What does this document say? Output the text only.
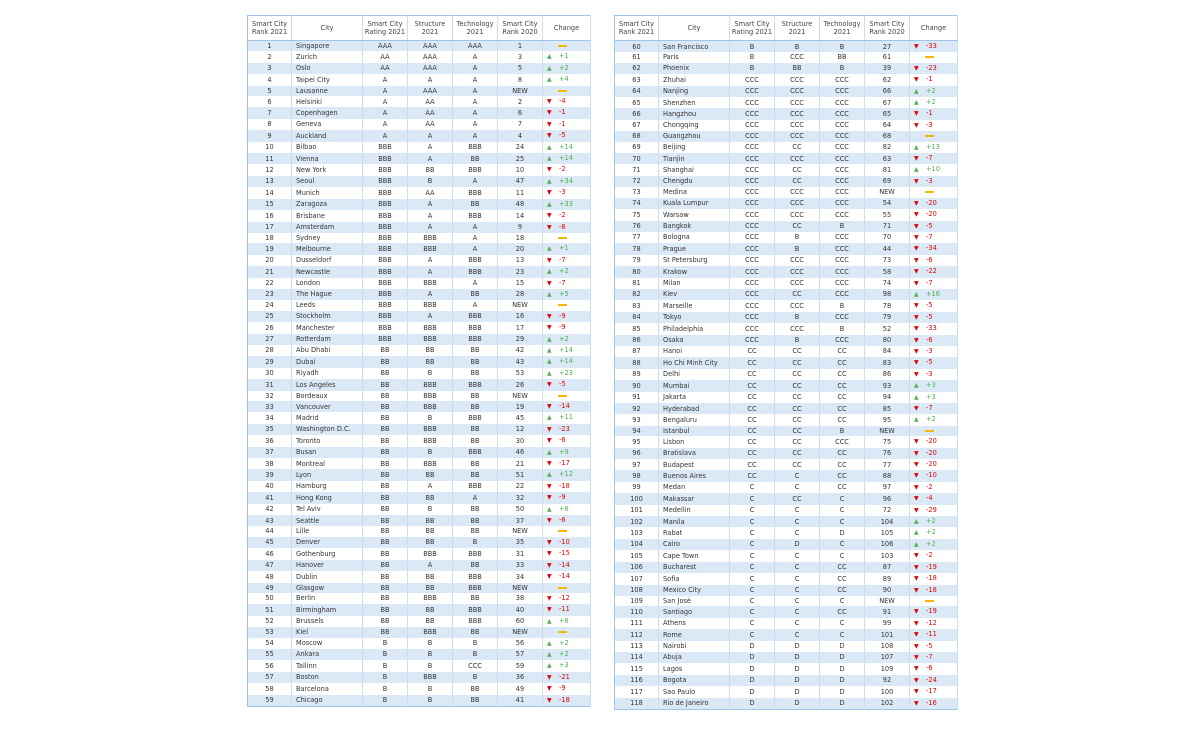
Smart City
Rank 2021	City	Smart City
Rating 2021	Structure
2021	Technology
2021	Smart City
Rank 2020	Change
1	Singapore	AAA	AAA	AAA	1	
2	Zurich	AA	AAA	A	3	▲ +1
3	Oslo	AA	AAA	A	5	▲ +2
4	Taipei City	A	A	A	8	▲ +4
5	Lausanne	A	AAA	A	NEW	
6	Helsinki	A	AA	A	2	▼ -4
7	Copenhagen	A	AA	A	6	▼ -1
8	Geneva	A	AA	A	7	▼ -1
9	Auckland	A	A	A	4	▼ -5
10	Bilbao	BBB	A	BBB	24	▲ +14
11	Vienna	BBB	A	BB	25	▲ +14
12	New York	BBB	BB	BBB	10	▼ -2
13	Seoul	BBB	B	A	47	▲ +34
14	Munich	BBB	AA	BBB	11	▼ -3
15	Zaragoza	BBB	A	BB	48	▲ +33
16	Brisbane	BBB	A	BBB	14	▼ -2
17	Amsterdam	BBB	A	A	9	▼ -8
18	Sydney	BBB	BBB	A	18	
19	Melbourne	BBB	BBB	A	20	▲ +1
20	Dusseldorf	BBB	A	BBB	13	▼ -7
21	Newcastle	BBB	A	BBB	23	▲ +2
22	London	BBB	BBB	A	15	▼ -7
23	The Hague	BBB	A	BB	28	▲ +5
24	Leeds	BBB	BBB	A	NEW	
25	Stockholm	BBB	A	BBB	16	▼ -9
26	Manchester	BBB	BBB	BBB	17	▼ -9
27	Rotterdam	BBB	BBB	BBB	29	▲ +2
28	Abu Dhabi	BB	BB	BB	42	▲ +14
29	Dubai	BB	BB	BB	43	▲ +14
30	Riyadh	BB	B	BB	53	▲ +23
31	Los Angeles	BB	BBB	BBB	26	▼ -5
32	Bordeaux	BB	BBB	BB	NEW	
33	Vancouver	BB	BBB	BB	19	▼ -14
34	Madrid	BB	B	BBB	45	▲ +11
35	Washington D.C.	BB	BBB	BB	12	▼ -23
36	Toronto	BB	BBB	BB	30	▼ -6
37	Busan	BB	B	BBB	46	▲ +9
38	Montreal	BB	BBB	BB	21	▼ -17
39	Lyon	BB	BB	BB	51	▲ +12
40	Hamburg	BB	A	BBB	22	▼ -18
41	Hong Kong	BB	BB	A	32	▼ -9
42	Tel Aviv	BB	B	BB	50	▲ +8
43	Seattle	BB	BB	BB	37	▼ -6
44	Lille	BB	BB	BB	NEW	
45	Denver	BB	BB	B	35	▼ -10
46	Gothenburg	BB	BBB	BBB	31	▼ -15
47	Hanover	BB	A	BB	33	▼ -14
48	Dublin	BB	BB	BBB	34	▼ -14
49	Glasgow	BB	BB	BBB	NEW	
50	Berlin	BB	BBB	BB	38	▼ -12
51	Birmingham	BB	BB	BBB	40	▼ -11
52	Brussels	BB	BB	BBB	60	▲ +8
53	Kiel	BB	BBB	BB	NEW	
54	Moscow	B	B	B	56	▲ +2
55	Ankara	B	B	B	57	▲ +2
56	Tallinn	B	B	CCC	59	▲ +3
57	Boston	B	BBB	B	36	▼ -21
58	Barcelona	B	B	BB	49	▼ -9
59	Chicago	B	B	BB	41	▼ -18
Smart City
Rank 2021	City	Smart City
Rating 2021	Structure
2021	Technology
2021	Smart City
Rank 2020	Change
60	San Francisco	B	B	B	27	▼ -33
61	Paris	B	CCC	BB	61	
62	Phoenix	B	BB	B	39	▼ -23
63	Zhuhai	CCC	CCC	CCC	62	▼ -1
64	Nanjing	CCC	CCC	CCC	66	▲ +2
65	Shenzhen	CCC	CCC	CCC	67	▲ +2
66	Hangzhou	CCC	CCC	CCC	65	▼ -1
67	Chongqing	CCC	CCC	CCC	64	▼ -3
68	Guangzhou	CCC	CCC	CCC	68	
69	Beijing	CCC	CC	CCC	82	▲ +13
70	Tianjin	CCC	CCC	CCC	63	▼ -7
71	Shanghai	CCC	CC	CCC	81	▲ +10
72	Chengdu	CCC	CC	CCC	69	▼ -3
73	Medina	CCC	CCC	CCC	NEW	
74	Kuala Lumpur	CCC	CCC	CCC	54	▼ -20
75	Warsaw	CCC	CCC	CCC	55	▼ -20
76	Bangkok	CCC	CC	B	71	▼ -5
77	Bologna	CCC	B	CCC	70	▼ -7
78	Prague	CCC	B	CCC	44	▼ -34
79	St Petersburg	CCC	CCC	CCC	73	▼ -6
80	Krakow	CCC	CCC	CCC	58	▼ -22
81	Milan	CCC	CCC	CCC	74	▼ -7
82	Kiev	CCC	CC	CCC	98	▲ +16
83	Marseille	CCC	CCC	B	78	▼ -5
84	Tokyo	CCC	B	CCC	79	▼ -5
85	Philadelphia	CCC	CCC	B	52	▼ -33
86	Osaka	CCC	B	CCC	80	▼ -6
87	Hanoi	CC	CC	CC	84	▼ -3
88	Ho Chi Minh City	CC	CC	CC	83	▼ -5
89	Delhi	CC	CC	CC	86	▼ -3
90	Mumbai	CC	CC	CC	93	▲ +3
91	Jakarta	CC	CC	CC	94	▲ +3
92	Hyderabad	CC	CC	CC	85	▼ -7
93	Bengaluru	CC	CC	CC	95	▲ +2
94	Istanbul	CC	CC	B	NEW	
95	Lisbon	CC	CC	CCC	75	▼ -20
96	Bratislava	CC	CC	CC	76	▼ -20
97	Budapest	CC	CC	CC	77	▼ -20
98	Buenos Aires	CC	C	CC	88	▼ -10
99	Medan	C	C	CC	97	▼ -2
100	Makassar	C	CC	C	96	▼ -4
101	Medellin	C	C	C	72	▼ -29
102	Manila	C	C	C	104	▲ +2
103	Rabat	C	C	D	105	▲ +2
104	Cairo	C	D	C	106	▲ +2
105	Cape Town	C	C	C	103	▼ -2
106	Bucharest	C	C	CC	87	▼ -19
107	Sofia	C	C	CC	89	▼ -18
108	Mexico City	C	C	CC	90	▼ -18
109	San José	C	C	C	NEW	
110	Santiago	C	C	CC	91	▼ -19
111	Athens	C	C	C	99	▼ -12
112	Rome	C	C	C	101	▼ -11
113	Nairobi	D	D	D	108	▼ -5
114	Abuja	D	D	D	107	▼ -7
115	Lagos	D	D	D	109	▼ -6
116	Bogota	D	D	D	92	▼ -24
117	Sao Paulo	D	D	D	100	▼ -17
118	Rio de Janeiro	D	D	D	102	▼ -16
